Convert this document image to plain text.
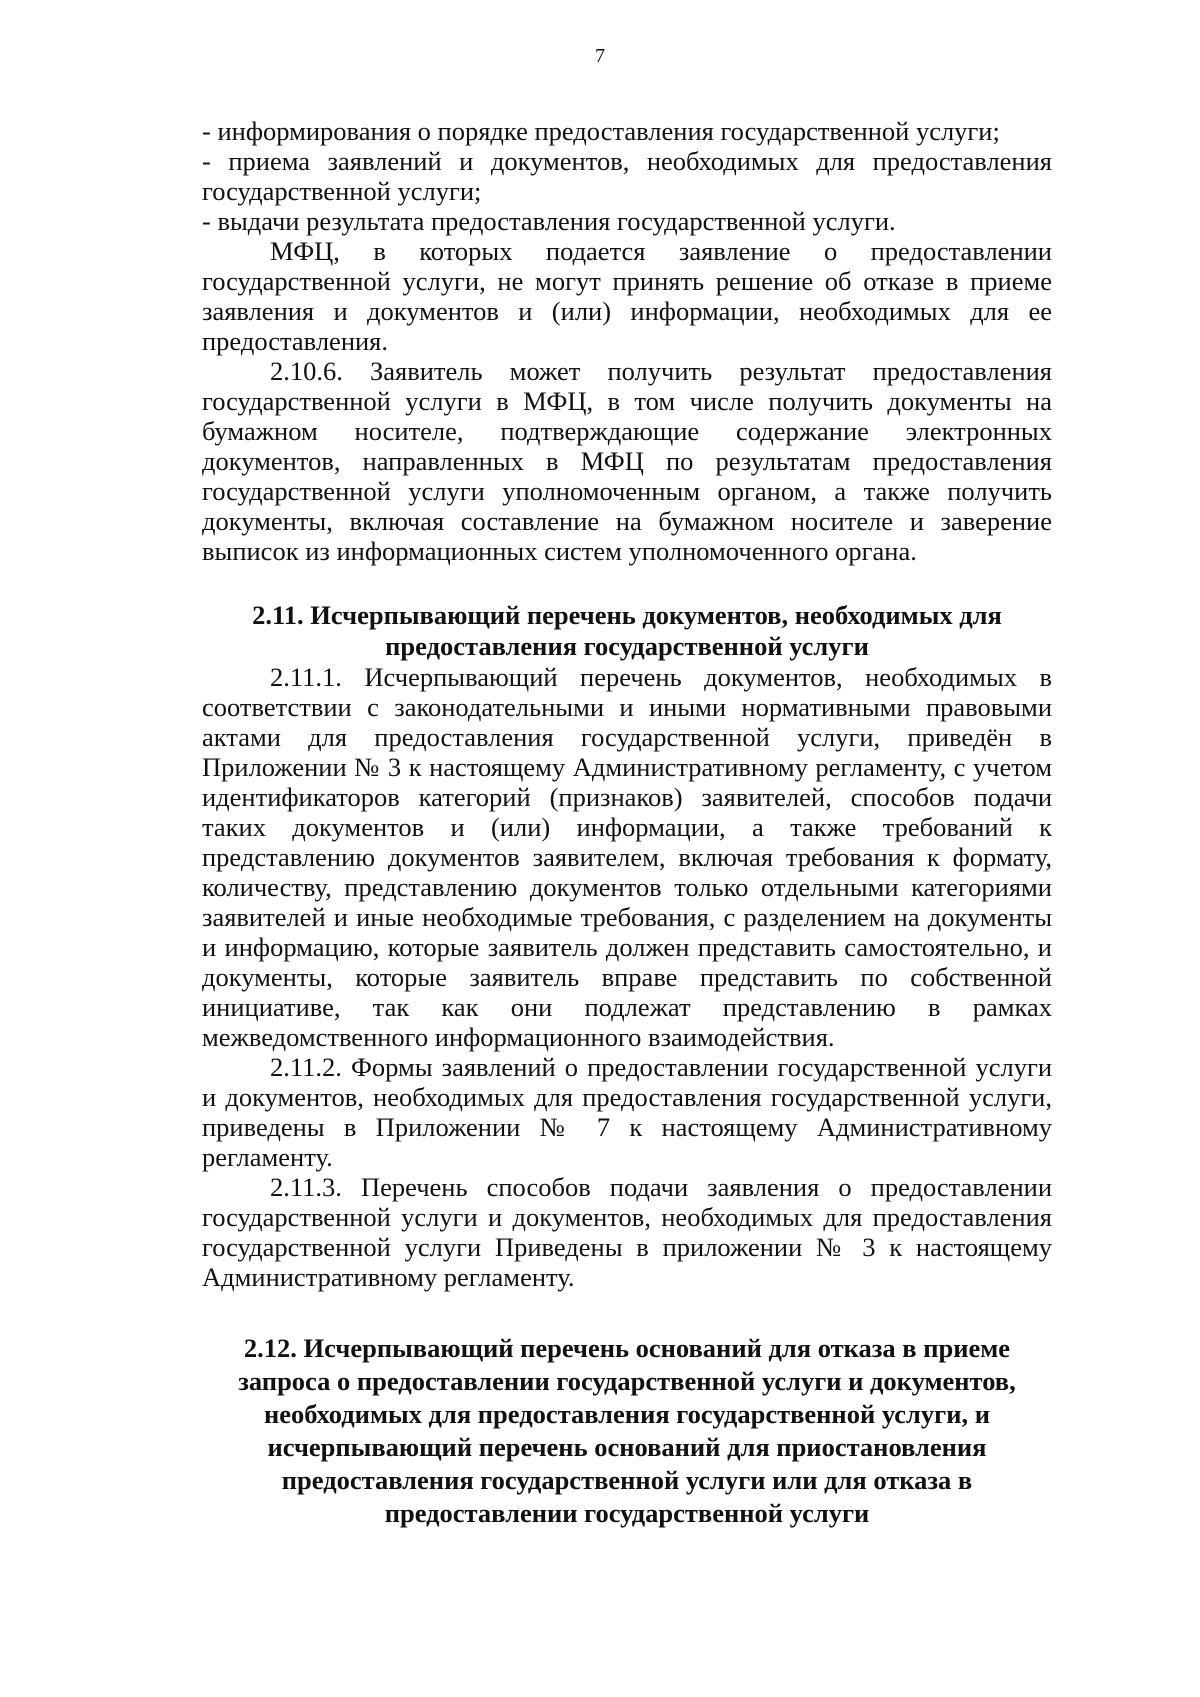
7

- информирования о порядке предоставления государственной услуги;

- приема заявлений и документов, необходимых для предоставления государственной услуги;

- выдачи результата предоставления государственной услуги.

МФЦ, в которых подается заявление о предоставлении государственной услуги, не могут принять решение об отказе в приеме заявления и документов и (или) информации, необходимых для ее предоставления.

2.10.6. Заявитель может получить результат предоставления государственной услуги в МФЦ, в том числе получить документы на бумажном носителе, подтверждающие содержание электронных документов, направленных в МФЦ по результатам предоставления государственной услуги уполномоченным органом, а также получить документы, включая составление на бумажном носителе и заверение выписок из информационных систем уполномоченного органа.

2.11. Исчерпывающий перечень документов, необходимых для предоставления государственной услуги

2.11.1. Исчерпывающий перечень документов, необходимых в соответствии с законодательными и иными нормативными правовыми актами для предоставления государственной услуги, приведён в Приложении № 3 к настоящему Административному регламенту, с учетом идентификаторов категорий (признаков) заявителей, способов подачи таких документов и (или) информации, а также требований к представлению документов заявителем, включая требования к формату, количеству, представлению документов только отдельными категориями заявителей и иные необходимые требования, с разделением на документы и информацию, которые заявитель должен представить самостоятельно, и документы, которые заявитель вправе представить по собственной инициативе, так как они подлежат представлению в рамках межведомственного информационного взаимодействия.

2.11.2. Формы заявлений о предоставлении государственной услуги и документов, необходимых для предоставления государственной услуги, приведены в Приложении № 7 к настоящему Административному регламенту.

2.11.3. Перечень способов подачи заявления о предоставлении государственной услуги и документов, необходимых для предоставления государственной услуги Приведены в приложении № 3 к настоящему Административному регламенту.

2.12. Исчерпывающий перечень оснований для отказа в приеме запроса о предоставлении государственной услуги и документов, необходимых для предоставления государственной услуги, и исчерпывающий перечень оснований для приостановления предоставления государственной услуги или для отказа в предоставлении государственной услуги
